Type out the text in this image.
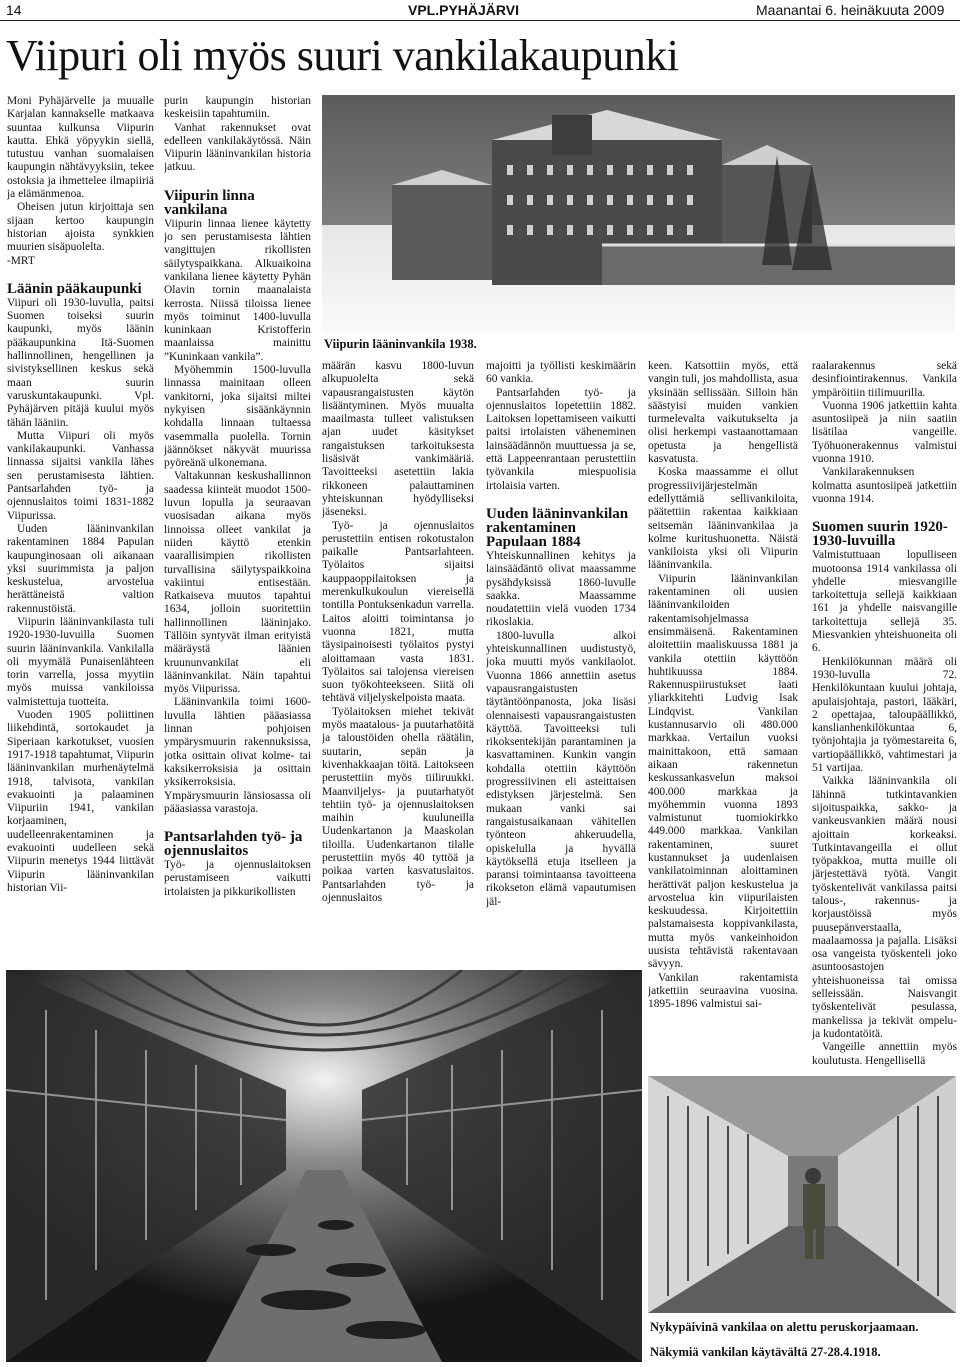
14	VPL.PYHÄJÄRVI	Maanantai 6. heinäkuuta 2009
Viipuri oli myös suuri vankilakaupunki

Moni Pyhäjärvelle ja muualle Karjalan kannakselle matkaava suuntaa kulkunsa Viipurin kautta. Ehkä yöpyykin siellä, tutustuu vanhan suomalaisen kaupungin nähtävyyksiin, tekee ostoksia ja ihmettelee ilmapiiriä ja elämänmenoa.

Oheisen jutun kirjoittaja sen sijaan kertoo kaupungin historian ajoista synkkien muurien sisäpuolelta.

-MRT

Läänin pääkaupunki

Viipuri oli 1930-luvulla, paitsi Suomen toiseksi suurin kaupunki, myös läänin pääkaupunkina Itä-Suomen hallinnollinen, hengellinen ja sivistyksellinen keskus sekä maan suurin varuskuntakaupunki. Vpl. Pyhäjärven pitäjä kuului myös tähän lääniin.

Mutta Viipuri oli myös vankilakaupunki. Vanhassa linnassa sijaitsi vankila lähes sen perustamisesta lähtien. Pantsarlahden työ- ja ojennuslaitos toimi 1831-1882 Viipurissa.

Uuden lääninvankilan rakentaminen 1884 Papulan kaupunginosaan oli aikanaan yksi suurimmista ja paljon keskustelua, arvostelua herättäneistä valtion rakennustöistä.

Viipurin lääninvankilasta tuli 1920-1930-luvuilla Suomen suurin lääninvankila. Vankilalla oli myymälä Punaisenlähteen torin varrella, jossa myytiin myös muissa vankiloissa valmistettuja tuotteita.

Vuoden 1905 poliittinen liikehdintä, sortokaudet ja Siperiaan karkotukset, vuosien 1917-1918 tapahtumat, Viipurin lääninvankilan murhenäytelmä 1918, talvisota, vankilan evakuointi ja palaaminen Viipuriin 1941, vankilan korjaaminen, uudelleenrakentaminen ja evakuointi uudelleen sekä Viipurin menetys 1944 liittävät Viipurin lääninvankilan historian Vii-

purin kaupungin historian keskeisiin tapahtumiin.

Vanhat rakennukset ovat edelleen vankilakäytössä. Näin Viipurin lääninvankilan historia jatkuu.

Viipurin linna vankilana

Viipurin linnaa lienee käytetty jo sen perustamisesta lähtien vangittujen rikollisten säilytyspaikkana. Alkuaikoina vankilana lienee käytetty Pyhän Olavin tornin maanalaista kerrosta. Niissä tiloissa lienee myös toiminut 1400-luvulla kuninkaan Kristofferin maanlaissa mainittu ”Kuninkaan vankila”.

Myöhemmin 1500-luvulla linnassa mainitaan olleen vankitorni, joka sijaitsi miltei nykyisen sisäänkäynnin kohdalla linnaan tultaessa vasemmalla puolella. Tornin jäännökset näkyvät muurissa pyöreänä ulkonemana.

Valtakunnan keskushallinnon saadessa kiinteät muodot 1500-luvun lopulla ja seuraavan vuosisadan aikana myös linnoissa olleet vankilat ja niiden käyttö etenkin vaarallisimpien rikollisten turvallisina säilytyspaikkoina vakiintui entisestään. Ratkaiseva muutos tapahtui 1634, jolloin suoritettiin hallinnollinen lääninjako. Tällöin syntyvät ilman erityistä määräystä läänien kruununvankilat eli lääninvankilat. Näin tapahtui myös Viipurissa.

Lääninvankila toimi 1600-luvulla lähtien pääasiassa linnan pohjoisen ympärysmuurin rakennuksissa, jotka osittain olivat kolme- tai kaksikerroksisia ja osittain yksikerroksisia. Ympärysmuurin länsiosassa oli pääasiassa varastoja.

Pantsarlahden työ- ja ojennuslaitos

Työ- ja ojennuslaitoksen perustamiseen vaikutti irtolaisten ja pikkurikollisten

Viipurin lääninvankila 1938.

määrän kasvu 1800-luvun alkupuolelta sekä vapausrangaistusten käytön lisääntyminen. Myös muualta maailmasta tulleet valistuksen ajan uudet käsitykset rangaistuksen tarkoituksesta lisäsivät vankimääriä. Tavoitteeksi asetettiin lakia rikkoneen palauttaminen yhteiskunnan hyödylliseksi jäseneksi.

Työ- ja ojennuslaitos perustettiin entisen rokotustalon paikalle Pantsarlahteen. Työlaitos sijaitsi kauppaoppilaitoksen ja merenkulkukoulun viereisellä tontilla Pontuksenkadun varrella. Laitos aloitti toimintansa jo vuonna 1821, mutta täysipainoisesti työlaitos pystyi aloittamaan vasta 1831. Työlaitos sai talojensa viereisen suon työkohteekseen. Siitä oli tehtävä viljelyskelpoista maata.

Työlaitoksen miehet tekivät myös maatalous- ja puutarhatöitä ja taloustöiden ohella räätälin, suutarin, sepän ja kivenhakkaajan töitä. Laitokseen perustettiin myös tiiliruukki. Maanviljelys- ja puutarhatyöt tehtiin työ- ja ojennuslaitoksen maihin kuuluneilla Uudenkartanon ja Maaskolan tiloilla. Uudenkartanon tilalle perustettiin myös 40 tyttöä ja poikaa varten kasvatuslaitos. Pantsarlahden työ- ja ojennuslaitos

majoitti ja työllisti keskimäärin 60 vankia.

Pantsarlahden työ- ja ojennuslaitos lopetettiin 1882. Laitoksen lopettamiseen vaikutti paitsi irtolaisten väheneminen lainsäädännön muuttuessa ja se, että Lappeenrantaan perustettiin työvankila miespuolisia irtolaisia varten.

Uuden lääninvankilan rakentaminen Papulaan 1884

Yhteiskunnallinen kehitys ja lainsäädäntö olivat maassamme pysähdyksissä 1860-luvulle saakka. Maassamme noudatettiin vielä vuoden 1734 rikoslakia.

1800-luvulla alkoi yhteiskunnallinen uudistustyö, joka muutti myös vankilaolot. Vuonna 1866 annettiin asetus vapausrangaistusten täytäntöönpanosta, joka lisäsi olennaisesti vapausrangaistusten käyttöä. Tavoitteeksi tuli rikoksentekijän parantaminen ja kasvattaminen. Kunkin vangin kohdalla otettiin käyttöön progressiivinen eli asteittaisen edistyksen järjestelmä. Sen mukaan vanki sai rangaistusaikanaan vähitellen työnteon ahkeruudella, opiskelulla ja hyvällä käytöksellä etuja itselleen ja paransi toimintaansa tavoitteena rikokseton elämä vapautumisen jäl-

keen. Katsottiin myös, että vangin tuli, jos mahdollista, asua yksinään sellissään. Silloin hän säästyisi muiden vankien turmelevalta vaikutukselta ja olisi herkempi vastaanottamaan opetusta ja hengellistä kasvatusta.

Koska maassamme ei ollut progressiivijärjestelmän edellyttämiä sellivankiloita, päätettiin rakentaa kaikkiaan seitsemän lääninvankilaa ja kolme kuritushuonetta. Näistä vankiloista yksi oli Viipurin lääninvankila.

Viipurin lääninvankilan rakentaminen oli uusien lääninvankiloiden rakentamisohjelmassa ensimmäisenä. Rakentaminen aloitettiin maaliskuussa 1881 ja vankila otettiin käyttöön huhtikuussa 1884. Rakennuspiirustukset laati yliarkkitehti Ludvig Isak Lindqvist. Vankilan kustannusarvio oli 480.000 markkaa. Vertailun vuoksi mainittakoon, että samaan aikaan rakennetun keskussankasvelun maksoi 400.000 markkaa ja myöhemmin vuonna 1893 valmistunut tuomiokirkko 449.000 markkaa. Vankilan rakentaminen, suuret kustannukset ja uudenlaisen vankilatoiminnan aloittaminen herättivät paljon keskustelua ja arvostelua kin viipurilaisten keskuudessa. Kirjoitettiin palstamaisesta koppivankilasta, mutta myös vankeinhoidon uusista tehtävistä rakentavaan sävyyn.

Vankilan rakentamista jatkettiin seuraavina vuosina. 1895-1896 valmistui sai-

raalarakennus sekä desinfiointirakennus. Vankila ympäröitiin tiilimuurilla.

Vuonna 1906 jatkettiin kahta asuntosiipeä ja niin saatiin lisätilaa vangeille. Työhuonerakennus valmistui vuonna 1910.

Vankilarakennuksen kolmatta asuntosiipeä jatkettiin vuonna 1914.

Suomen suurin 1920-1930-luvuilla

Valmistuttuaan lopulliseen muotoonsa 1914 vankilassa oli yhdelle miesvangille tarkoitettuja sellejä kaikkiaan 161 ja yhdelle naisvangille tarkoitettuja sellejä 35. Miesvankien yhteishuoneita oli 6.

Henkilökunnan määrä oli 1930-luvulla 72. Henkilökuntaan kuului johtaja, apulaisjohtaja, pastori, lääkäri, 2 opettajaa, taloupäällikkö, kanslianhenkilökuntaa 6, työnjohtajia ja työmestareita 6, vartiopäällikkö, vahtimestari ja 51 vartijaa.

Vaikka lääninvankila oli lähinnä tutkintavankien sijoituspaikka, sakko- ja vankeusvankien määrä nousi ajoittain korkeaksi. Tutkintavangeilla ei ollut työpakkoa, mutta muille oli järjestettävä työtä. Vangit työskentelivät vankilassa paitsi talous-, rakennus- ja korjaustöissä myös puusepänverstaalla, maalaamossa ja pajalla. Lisäksi osa vangeista työskenteli joko asuntoosastojen yhteishuoneissa tai omissa selleissään. Naisvangit työskentelivät pesulassa, mankelissa ja tekivät ompelu- ja kudontatöitä.

Vangeille annettiin myös koulutusta. Hengellisellä

Nykypäivinä vankilaa on alettu peruskorjaamaan.
Näkymiä vankilan käytävältä 27-28.4.1918.
